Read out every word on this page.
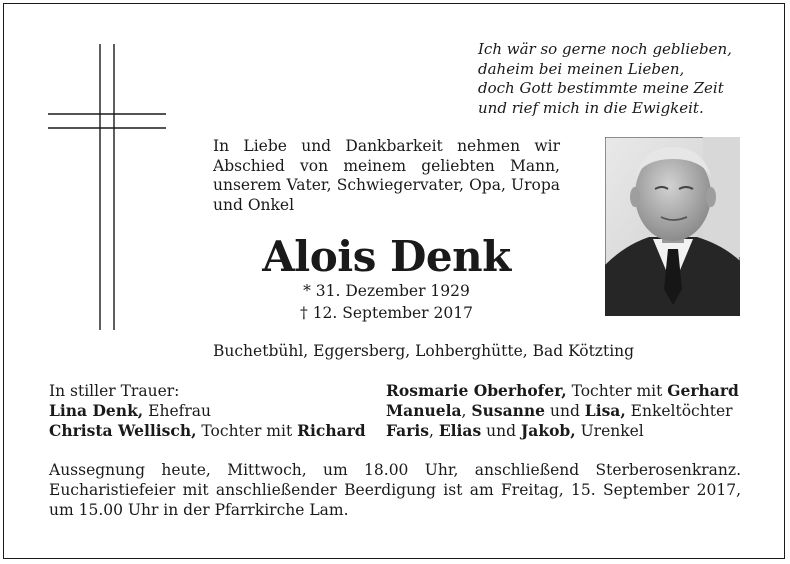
Ich wär so gerne noch geblieben,
daheim bei meinen Lieben,
doch Gott bestimmte meine Zeit
und rief mich in die Ewigkeit.
In Liebe und Dankbarkeit nehmen wir Abschied von meinem geliebten Mann, unserem Vater, Schwiegervater, Opa, Uropa und Onkel
Alois Denk
* 31. Dezember 1929
† 12. September 2017
Buchetbühl, Eggersberg, Lohberghütte, Bad Kötzting
In stiller Trauer:
Lina Denk, Ehefrau
Christa Wellisch, Tochter mit Richard
Rosmarie Oberhofer, Tochter mit Gerhard
Manuela, Susanne und Lisa, Enkeltöchter
Faris, Elias und Jakob, Urenkel
Aussegnung heute, Mittwoch, um 18.00 Uhr, anschließend Sterberosenkranz. Eucharistiefeier mit anschließender Beerdigung ist am Freitag, 15. September 2017, um 15.00 Uhr in der Pfarrkirche Lam.
